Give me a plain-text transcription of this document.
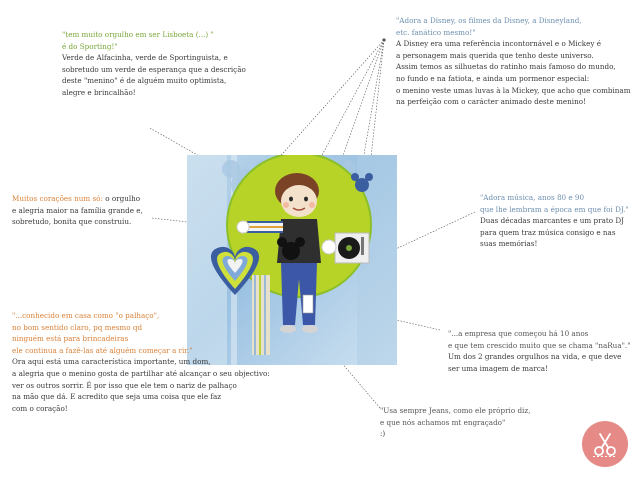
"tem muito orgulho em ser Lisboeta (...) "
é do Sporting!"
Verde de Alfacinha, verde de Sportinguista, e
sobretudo um verde de esperança que a descrição
deste "menino" é de alguém muito optimista,
alegre e brincalhão!
"Adora a Disney, os filmes da Disney, a Disneyland,
etc. fanático mesmo!"
A Disney era uma referência incontornável e o Mickey é
a personagem mais querida que tenho deste universo.
Assim temos as silhuetas do ratinho mais famoso do mundo,
no fundo e na fatiota, e ainda um pormenor especial:
o menino veste umas luvas à la Mickey, que acho que combinam
na perfeição com o carácter animado deste menino!
Muitos corações num só: o orgulho
e alegria maior na família grande e,
sobretudo, bonita que construiu.
"Adora música, anos 80 e 90
que lhe lembram a época em que foi DJ."
Duas décadas marcantes e um prato DJ
para quem traz música consigo e nas
suas memórias!
"...conhecido em casa como "o palhaço",
no bom sentido claro, pq mesmo qd
ninguém está para brincadeiras
ele continua a fazê-las até alguém começar a rir."
Ora aqui está uma característica importante, um dom,
a alegria que o menino gosta de partilhar até alcançar o seu objectivo:
ver os outros sorrir. É por isso que ele tem o nariz de palhaço
na mão que dá. E acredito que seja uma coisa que ele faz
com o coração!
"...a empresa que começou há 10 anos
e que tem crescido muito que se chama "naRua"."
Um dos 2 grandes orgulhos na vida, e que deve
ser uma imagem de marca!
"Usa sempre Jeans, como ele próprio diz,
e que nós achamos mt engraçado"
:)
